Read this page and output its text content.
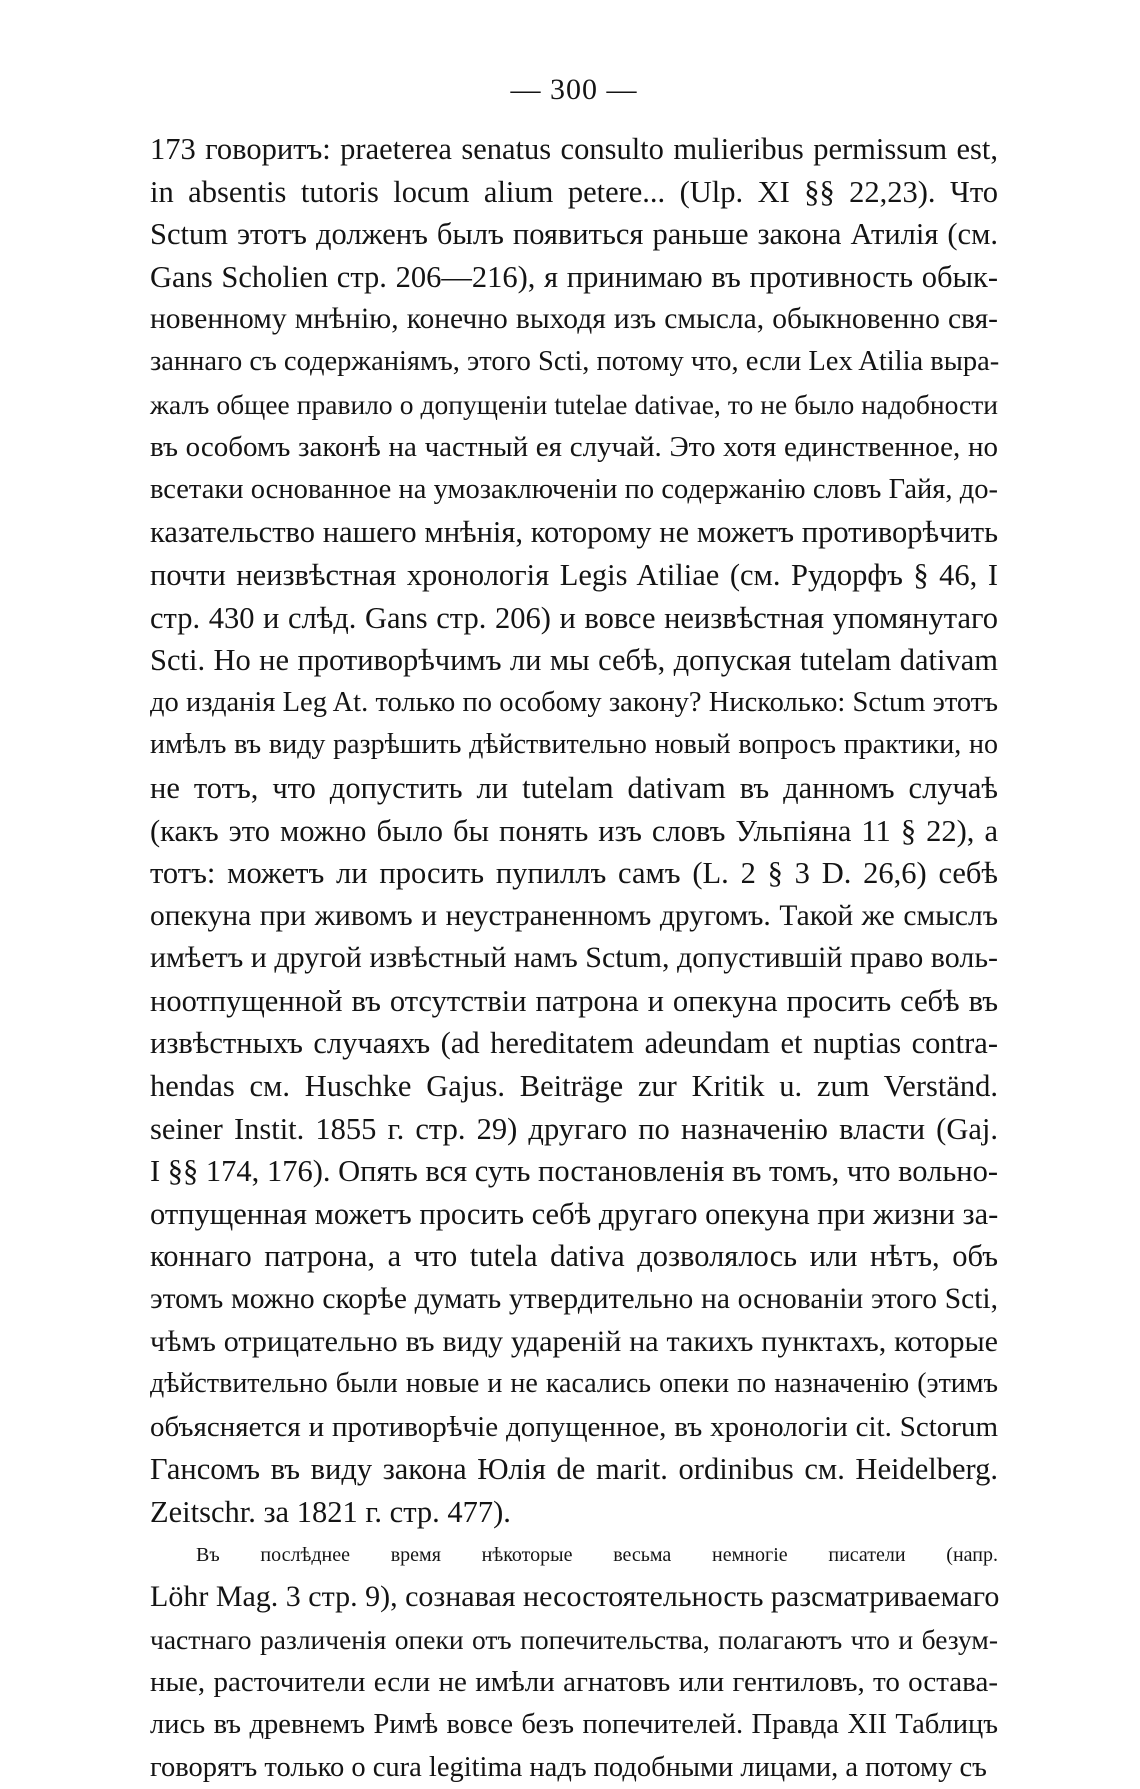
— 300 —
173 говоритъ: praeterea senatus consulto mulieribus permissum est,
in absentis tutoris locum alium petere... (Ulp. XI §§ 22,23). Что
Sctum этотъ долженъ былъ появиться раньше закона Атилія (см.
Gans Scholien стр. 206—216), я принимаю въ противность обык-
новенному мнѣнію, конечно выходя изъ смысла, обыкновенно свя-
заннаго съ содержаніямъ, этого Scti, потому что, если Lex Atilia выра-
жалъ общее правило о допущеніи tutelae dativae, то не было надобности
въ особомъ законѣ на частный ея случай. Это хотя единственное, но
всетаки основанное на умозаключеніи по содержанію словъ Гайя, до-
казательство нашего мнѣнія, которому не можетъ противорѣчить
почти неизвѣстная хронологія Legis Atiliae (см. Рудорфъ § 46, I
стр. 430 и слѣд. Gans стр. 206) и вовсе неизвѣстная упомянутаго
Scti. Но не противорѣчимъ ли мы себѣ, допуская tutelam dativam
до изданія Leg At. только по особому закону? Нисколько: Sctum этотъ
имѣлъ въ виду разрѣшить дѣйствительно новый вопросъ практики, но
не тотъ, что допустить ли tutelam dativam въ данномъ случаѣ
(какъ это можно было бы понять изъ словъ Ульпіяна 11 § 22), а
тотъ: можетъ ли просить пупиллъ самъ (L. 2 § 3 D. 26,6) себѣ
опекуна при живомъ и неустраненномъ другомъ. Такой же смыслъ
имѣетъ и другой извѣстный намъ Sctum, допустившій право воль-
ноотпущенной въ отсутствіи патрона и опекуна просить себѣ въ
извѣстныхъ случаяхъ (ad hereditatem adeundam et nuptias contra-
hendas см. Huschke Gajus. Beiträge zur Kritik u. zum Verständ.
seiner Instit. 1855 г. стр. 29) другаго по назначенію власти (Gaj.
I §§ 174, 176). Опять вся суть постановленія въ томъ, что вольно-
отпущенная можетъ просить себѣ другаго опекуна при жизни за-
коннаго патрона, а что tutela dativa дозволялось или нѣтъ, объ
этомъ можно скорѣе думать утвердительно на основаніи этого Scti,
чѣмъ отрицательно въ виду удареній на такихъ пунктахъ, которые
дѣйствительно были новые и не касались опеки по назначенію (этимъ
объясняется и противорѣчіе допущенное, въ хронологіи cit. Sctorum
Гансомъ въ виду закона Юлія de marit. ordinibus см. Heidelberg.
Zeitschr. за 1821 г. стр. 477).
Въ послѣднее время нѣкоторые весьма немногіе писатели (напр.
Löhr Mag. 3 стр. 9), сознавая несостоятельность разсматриваемаго
частнаго различенія опеки отъ попечительства, полагаютъ что и безум-
ные, расточители если не имѣли агнатовъ или гентиловъ, то остава-
лись въ древнемъ Римѣ вовсе безъ попечителей. Правда XII Таблицъ
говорятъ только о cura legitima надъ подобными лицами, а потому съ
